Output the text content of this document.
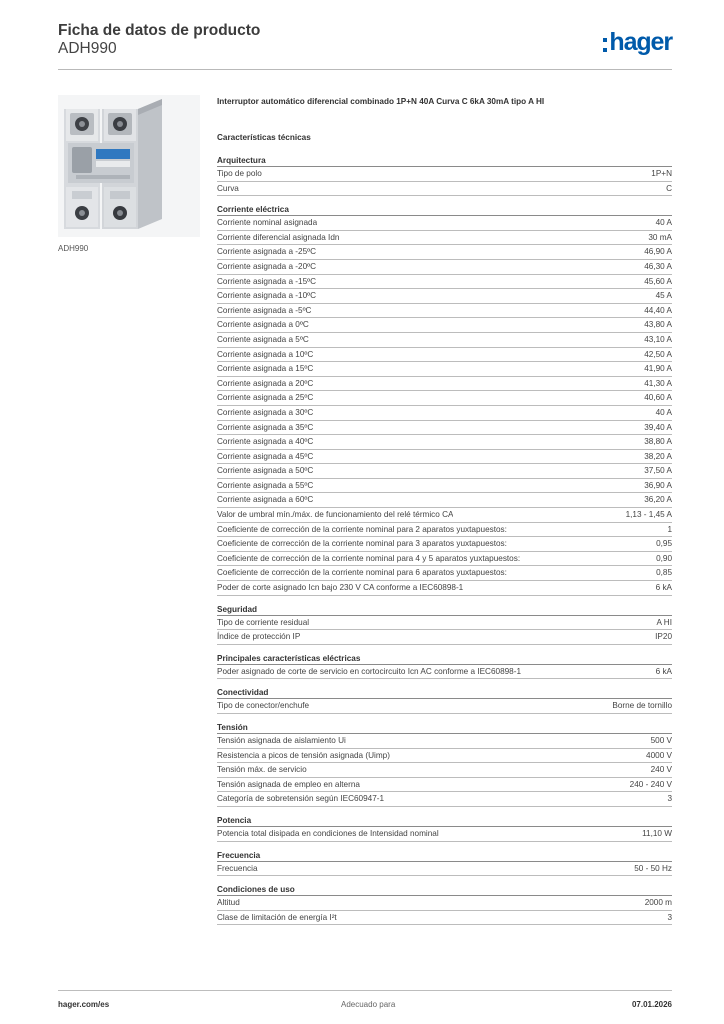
Ficha de datos de producto
ADH990	hager
ADH990
Interruptor automático diferencial combinado 1P+N 40A Curva C 6kA 30mA tipo A HI
Características técnicas
Arquitectura
Tipo de polo	1P+N
Curva	C
Corriente eléctrica
Corriente nominal asignada	40 A
Corriente diferencial asignada Idn	30 mA
Corriente asignada a -25ºC	46,90 A
Corriente asignada a -20ºC	46,30 A
Corriente asignada a -15ºC	45,60 A
Corriente asignada a -10ºC	45 A
Corriente asignada a -5ºC	44,40 A
Corriente asignada a 0ºC	43,80 A
Corriente asignada a 5ºC	43,10 A
Corriente asignada a 10ºC	42,50 A
Corriente asignada a 15ºC	41,90 A
Corriente asignada a 20ºC	41,30 A
Corriente asignada a 25ºC	40,60 A
Corriente asignada a 30ºC	40 A
Corriente asignada a 35ºC	39,40 A
Corriente asignada a 40ºC	38,80 A
Corriente asignada a 45ºC	38,20 A
Corriente asignada a 50ºC	37,50 A
Corriente asignada a 55ºC	36,90 A
Corriente asignada a 60ºC	36,20 A
Valor de umbral mín./máx. de funcionamiento del relé térmico CA	1,13 - 1,45 A
Coeficiente de corrección de la corriente nominal para 2 aparatos yuxtapuestos:	1
Coeficiente de corrección de la corriente nominal para 3 aparatos yuxtapuestos:	0,95
Coeficiente de corrección de la corriente nominal para 4 y 5 aparatos yuxtapuestos:	0,90
Coeficiente de corrección de la corriente nominal para 6 aparatos yuxtapuestos:	0,85
Poder de corte asignado Icn bajo 230 V CA conforme a IEC60898-1	6 kA
Seguridad
Tipo de corriente residual	A HI
Índice de protección IP	IP20
Principales características eléctricas
Poder asignado de corte de servicio en cortocircuito Icn AC conforme a IEC60898-1	6 kA
Conectividad
Tipo de conector/enchufe	Borne de tornillo
Tensión
Tensión asignada de aislamiento Ui	500 V
Resistencia a picos de tensión asignada (Uimp)	4000 V
Tensión máx. de servicio	240 V
Tensión asignada de empleo en alterna	240 - 240 V
Categoría de sobretensión según IEC60947-1	3
Potencia
Potencia total disipada en condiciones de Intensidad nominal	11,10 W
Frecuencia
Frecuencia	50 - 50 Hz
Condiciones de uso
Altitud	2000 m
Clase de limitación de energía I²t	3
hager.com/es	Adecuado para	07.01.2026
